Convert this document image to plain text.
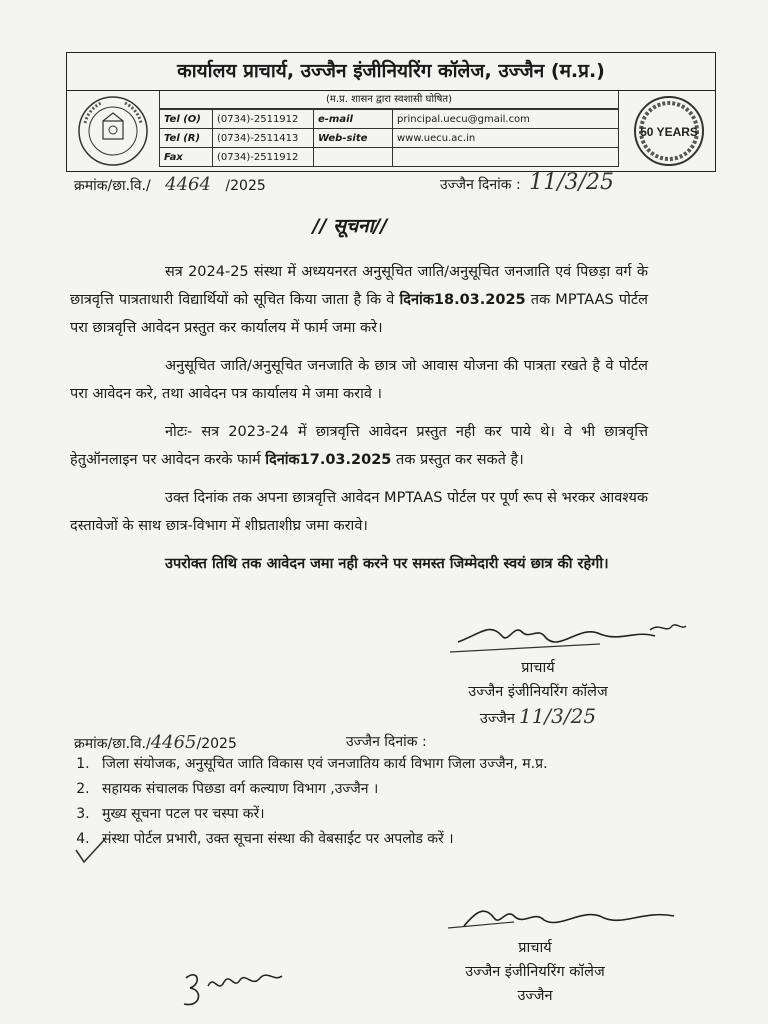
कार्यालय प्राचार्य, उज्जैन इंजीनियरिंग कॉलेज, उज्जैन (म.प्र.)
(म.प्र. शासन द्वारा स्वशासी घोषित)
Tel (O)	(0734)-2511912	e-mail	principal.uecu@gmail.com
Tel (R)	(0734)-2511413	Web-site	www.uecu.ac.in
Fax	(0734)-2511912		
50 YEARS
क्रमांक/छा.वि./ 4464 /2025	उज्जैन दिनांक : 11/3/25
// सूचना//
सत्र 2024-25 संस्था में अध्ययनरत अनुसूचित जाति/अनुसूचित जनजाति एवं पिछड़ा वर्ग के छात्रवृत्ति पात्रताधारी विद्यार्थियों को सूचित किया जाता है कि वे दिनांक18.03.2025 तक MPTAAS पोर्टल परा छात्रवृत्ति आवेदन प्रस्तुत कर कार्यालय में फार्म जमा करे।
अनुसूचित जाति/अनुसूचित जनजाति के छात्र जो आवास योजना की पात्रता रखते है वे पोर्टल परा आवेदन करे, तथा आवेदन पत्र कार्यालय मे जमा करावे ।
नोटः- सत्र 2023-24 में छात्रवृत्ति आवेदन प्रस्तुत नही कर पाये थे। वे भी छात्रवृत्ति हेतुऑनलाइन पर आवेदन करके फार्म दिनांक17.03.2025 तक प्रस्तुत कर सकते है।
उक्त दिनांक तक अपना छात्रवृत्ति आवेदन MPTAAS पोर्टल पर पूर्ण रूप से भरकर आवश्यक दस्तावेजों के साथ छात्र-विभाग में शीघ्रताशीघ्र जमा करावे।
उपरोक्त तिथि तक आवेदन जमा नही करने पर समस्त जिम्मेदारी स्वयं छात्र की रहेगी।
प्राचार्य
उज्जैन इंजीनियरिंग कॉलेज
उज्जैन 11/3/25
क्रमांक/छा.वि./4465/2025	उज्जैन दिनांक :
1. जिला संयोजक, अनुसूचित जाति विकास एवं जनजातिय कार्य विभाग जिला उज्जैन, म.प्र.
2. सहायक संचालक पिछडा वर्ग कल्याण विभाग ,उज्जैन ।
3. मुख्य सूचना पटल पर चस्पा करें।
4. संस्था पोर्टल प्रभारी, उक्त सूचना संस्था की वेबसाईट पर अपलोड करें ।
प्राचार्य
उज्जैन इंजीनियरिंग कॉलेज
उज्जैन
